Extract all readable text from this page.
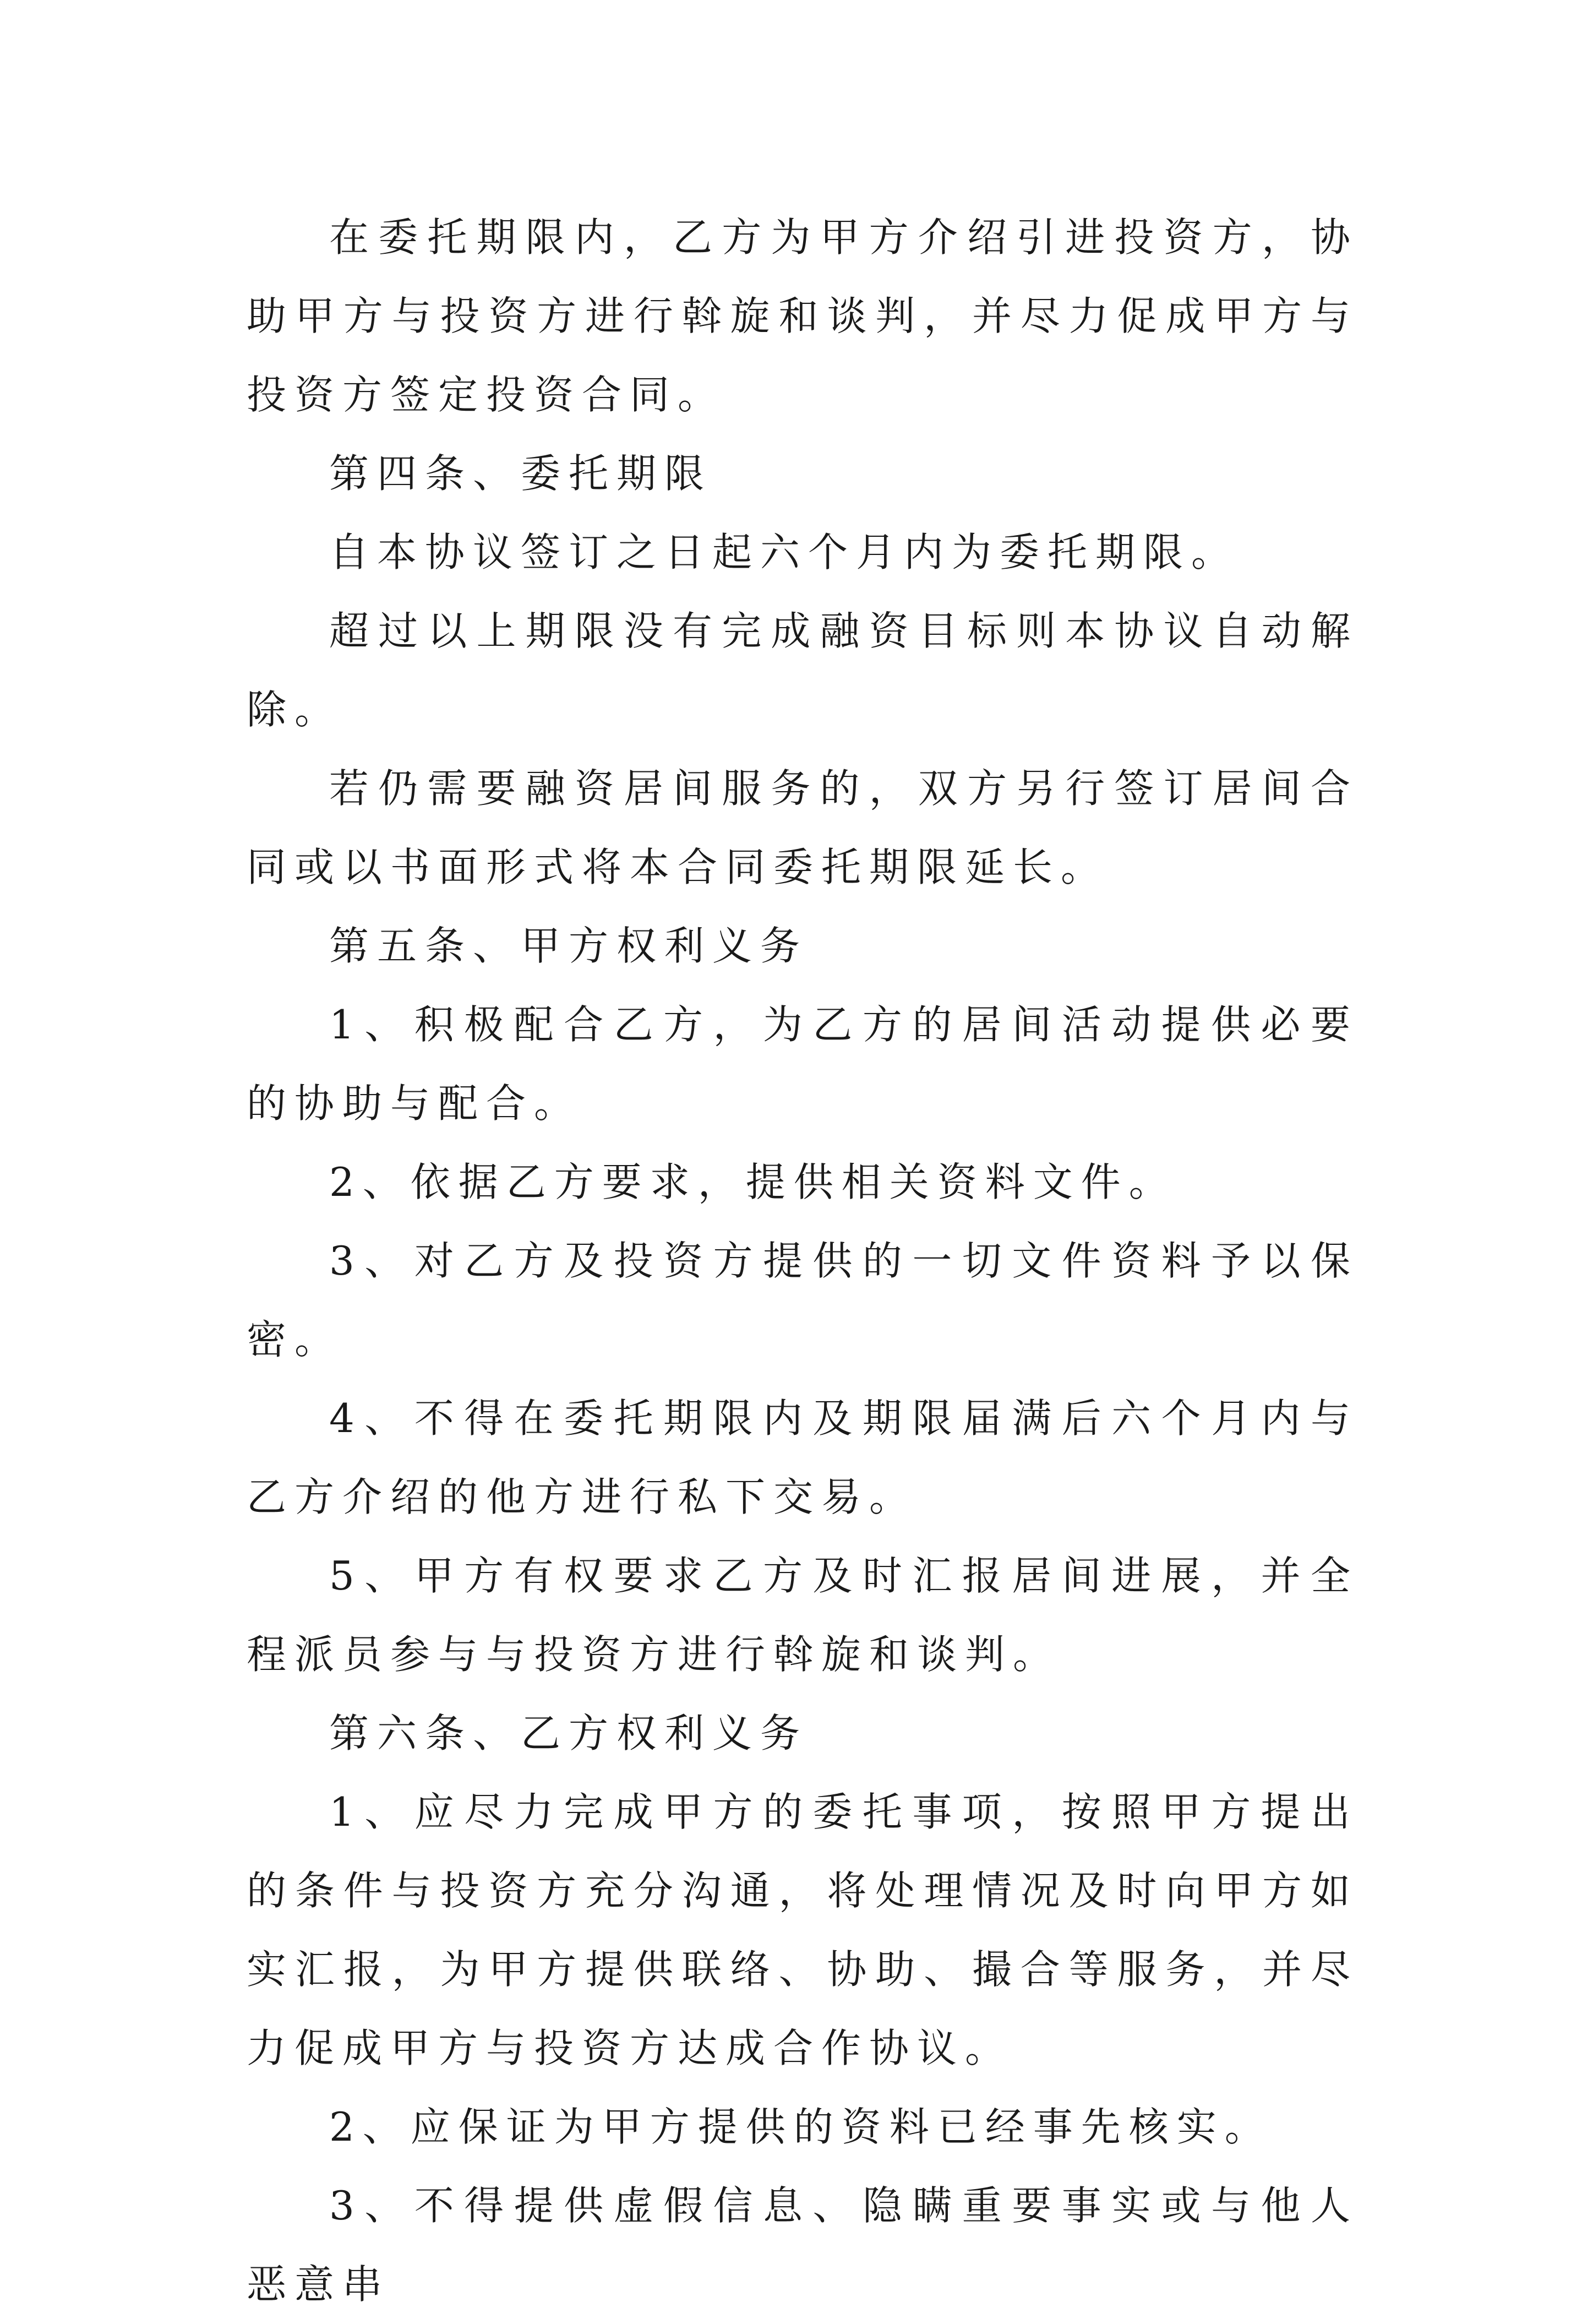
在委托期限内，乙方为甲方介绍引进投资方，协助甲方与投资方进行斡旋和谈判，并尽力促成甲方与投资方签定投资合同。

第四条、委托期限

自本协议签订之日起六个月内为委托期限。

超过以上期限没有完成融资目标则本协议自动解除。

若仍需要融资居间服务的，双方另行签订居间合同或以书面形式将本合同委托期限延长。

第五条、甲方权利义务

1、积极配合乙方，为乙方的居间活动提供必要的协助与配合。

2、依据乙方要求，提供相关资料文件。

3、对乙方及投资方提供的一切文件资料予以保密。

4、不得在委托期限内及期限届满后六个月内与乙方介绍的他方进行私下交易。

5、甲方有权要求乙方及时汇报居间进展，并全程派员参与与投资方进行斡旋和谈判。

第六条、乙方权利义务

1、应尽力完成甲方的委托事项，按照甲方提出的条件与投资方充分沟通，将处理情况及时向甲方如实汇报，为甲方提供联络、协助、撮合等服务，并尽力促成甲方与投资方达成合作协议。

2、应保证为甲方提供的资料已经事先核实。

3、不得提供虚假信息、隐瞒重要事实或与他人恶意串
